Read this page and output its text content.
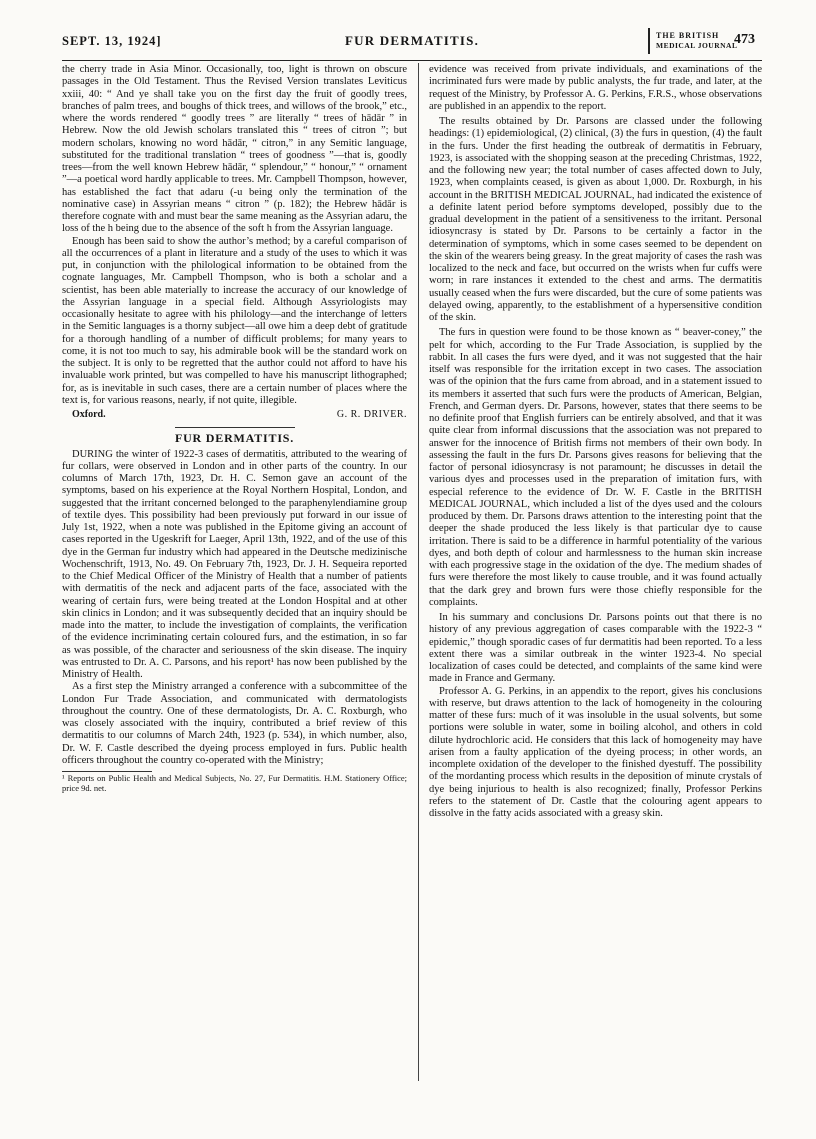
SEPT. 13, 1924]	FUR DERMATITIS.	THE BRITISH
MEDICAL JOURNAL
473

the cherry trade in Asia Minor. Occasionally, too, light is thrown on obscure passages in the Old Testament. Thus the Revised Version translates Leviticus xxiii, 40: “ And ye shall take you on the first day the fruit of goodly trees, branches of palm trees, and boughs of thick trees, and willows of the brook,” etc., where the words rendered “ goodly trees ” are literally “ trees of hādār ” in Hebrew. Now the old Jewish scholars translated this “ trees of citron ”; but modern scholars, knowing no word hādār, “ citron,” in any Semitic language, substituted for the traditional translation “ trees of goodness ”—that is, goodly trees—from the well known Hebrew hādār, “ splendour,” “ honour,” “ ornament ”—a poetical word hardly applicable to trees. Mr. Campbell Thompson, however, has established the fact that adaru (-u being only the termination of the nominative case) in Assyrian means “ citron ” (p. 182); the Hebrew hādār is therefore cognate with and must bear the same meaning as the Assyrian adaru, the loss of the h being due to the absence of the soft h from the Assyrian language.

Enough has been said to show the author’s method; by a careful comparison of all the occurrences of a plant in literature and a study of the uses to which it was put, in conjunction with the philological information to be obtained from the cognate languages, Mr. Campbell Thompson, who is both a scholar and a scientist, has been able materially to increase the accuracy of our knowledge of the Assyrian language in a special field. Although Assyriologists may occasionally hesitate to agree with his philology—and the interchange of letters in the Semitic languages is a thorny subject—all owe him a deep debt of gratitude for a thorough handling of a number of difficult problems; for many years to come, it is not too much to say, his admirable book will be the standard work on the subject. It is only to be regretted that the author could not afford to have his invaluable work printed, but was compelled to have his manuscript lithographed; for, as is inevitable in such cases, there are a certain number of places where the text is, for various reasons, nearly, if not quite, illegible.

Oxford.	G. R. DRIVER.
FUR DERMATITIS.

DURING the winter of 1922-3 cases of dermatitis, attributed to the wearing of fur collars, were observed in London and in other parts of the country. In our columns of March 17th, 1923, Dr. H. C. Semon gave an account of the symptoms, based on his experience at the Royal Northern Hospital, London, and suggested that the irritant concerned belonged to the paraphenylendiamine group of textile dyes. This possibility had been previously put forward in our issue of July 1st, 1922, when a note was published in the Epitome giving an account of cases reported in the Ugeskrift for Laeger, April 13th, 1922, and of the use of this dye in the German fur industry which had appeared in the Deutsche medizinische Wochenschrift, 1913, No. 49. On February 7th, 1923, Dr. J. H. Sequeira reported to the Chief Medical Officer of the Ministry of Health that a number of patients with dermatitis of the neck and adjacent parts of the face, associated with the wearing of certain furs, were being treated at the London Hospital and at other skin clinics in London; and it was subsequently decided that an inquiry should be made into the matter, to include the investigation of complaints, the verification of the evidence incriminating certain coloured furs, and the estimation, in so far as was possible, of the character and seriousness of the skin disease. The inquiry was entrusted to Dr. A. C. Parsons, and his report¹ has now been published by the Ministry of Health.

As a first step the Ministry arranged a conference with a subcommittee of the London Fur Trade Association, and communicated with dermatologists throughout the country. One of these dermatologists, Dr. A. C. Roxburgh, who was closely associated with the inquiry, contributed a brief review of this dermatitis to our columns of March 24th, 1923 (p. 534), in which number, also, Dr. W. F. Castle described the dyeing process employed in furs. Public health officers throughout the country co-operated with the Ministry;

¹ Reports on Public Health and Medical Subjects, No. 27, Fur Dermatitis. H.M. Stationery Office; price 9d. net.

evidence was received from private individuals, and examinations of the incriminated furs were made by public analysts, the fur trade, and later, at the request of the Ministry, by Professor A. G. Perkins, F.R.S., whose observations are published in an appendix to the report.

The results obtained by Dr. Parsons are classed under the following headings: (1) epidemiological, (2) clinical, (3) the furs in question, (4) the fault in the furs. Under the first heading the outbreak of dermatitis in February, 1923, is associated with the shopping season at the preceding Christmas, 1922, and the following new year; the total number of cases affected down to July, 1923, when complaints ceased, is given as about 1,000. Dr. Roxburgh, in his account in the BRITISH MEDICAL JOURNAL, had indicated the existence of a definite latent period before symptoms developed, possibly due to the gradual development in the patient of a sensitiveness to the irritant. Personal idiosyncrasy is stated by Dr. Parsons to be certainly a factor in the determination of symptoms, which in some cases seemed to be dependent on the skin of the wearers being greasy. In the great majority of cases the rash was localized to the neck and face, but occurred on the wrists when fur cuffs were worn; in rare instances it extended to the chest and arms. The dermatitis usually ceased when the furs were discarded, but the cure of some patients was delayed owing, apparently, to the establishment of a hypersensitive condition of the skin.

The furs in question were found to be those known as “ beaver-coney,” the pelt for which, according to the Fur Trade Association, is supplied by the rabbit. In all cases the furs were dyed, and it was not suggested that the hair itself was responsible for the irritation except in two cases. The association was of the opinion that the furs came from abroad, and in a statement issued to its members it asserted that such furs were the products of American, Belgian, French, and German dyers. Dr. Parsons, however, states that there seems to be no definite proof that English furriers can be entirely absolved, and that it was quite clear from informal discussions that the association was not prepared to answer for the innocence of British firms not members of their own body. In assessing the fault in the furs Dr. Parsons gives reasons for believing that the factor of personal idiosyncrasy is not paramount; he discusses in detail the various dyes and processes used in the preparation of imitation furs, with especial reference to the evidence of Dr. W. F. Castle in the BRITISH MEDICAL JOURNAL, which included a list of the dyes used and the colours produced by them. Dr. Parsons draws attention to the interesting point that the deeper the shade produced the less likely is that particular dye to cause irritation. There is said to be a difference in harmful potentiality of the various dyes, and both depth of colour and harmlessness to the human skin increase with each progressive stage in the oxidation of the dye. The medium shades of furs were therefore the most likely to cause trouble, and it was found actually that the dark grey and brown furs were those chiefly responsible for the complaints.

In his summary and conclusions Dr. Parsons points out that there is no history of any previous aggregation of cases comparable with the 1922-3 “ epidemic,” though sporadic cases of fur dermatitis had been reported. To a less extent there was a similar outbreak in the winter 1923-4. No special localization of cases could be detected, and complaints of the same kind were made in France and Germany.

Professor A. G. Perkins, in an appendix to the report, gives his conclusions with reserve, but draws attention to the lack of homogeneity in the colouring matter of these furs: much of it was insoluble in the usual solvents, but some portions were soluble in water, some in boiling alcohol, and others in cold dilute hydrochloric acid. He considers that this lack of homogeneity may have arisen from a faulty application of the dyeing process; in other words, an incomplete oxidation of the developer to the finished dyestuff. The possibility of the mordanting process which results in the deposition of minute crystals of dye being injurious to health is also recognized; finally, Professor Perkins refers to the statement of Dr. Castle that the colouring agent appears to dissolve in the fatty acids associated with a greasy skin.
